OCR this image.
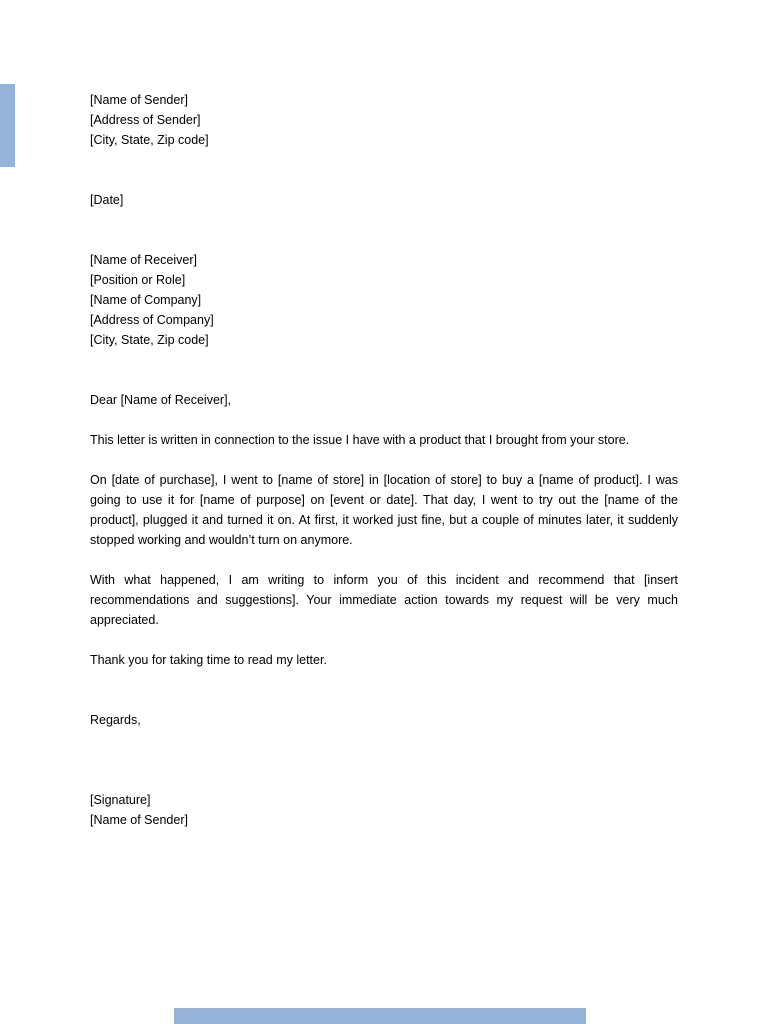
[Name of Sender]
[Address of Sender]
[City, State, Zip code]
[Date]
[Name of Receiver]
[Position or Role]
[Name of Company]
[Address of Company]
[City, State, Zip code]
Dear [Name of Receiver],

This letter is written in connection to the issue I have with a product that I brought from your store.

On [date of purchase], I went to [name of store] in [location of store] to buy a [name of product]. I was going to use it for [name of purpose] on [event or date]. That day, I went to try out the [name of the product], plugged it and turned it on. At first, it worked just fine, but a couple of minutes later, it suddenly stopped working and wouldn’t turn on anymore.

With what happened, I am writing to inform you of this incident and recommend that [insert recommendations and suggestions]. Your immediate action towards my request will be very much appreciated.

Thank you for taking time to read my letter.

Regards,
[Signature]
[Name of Sender]
